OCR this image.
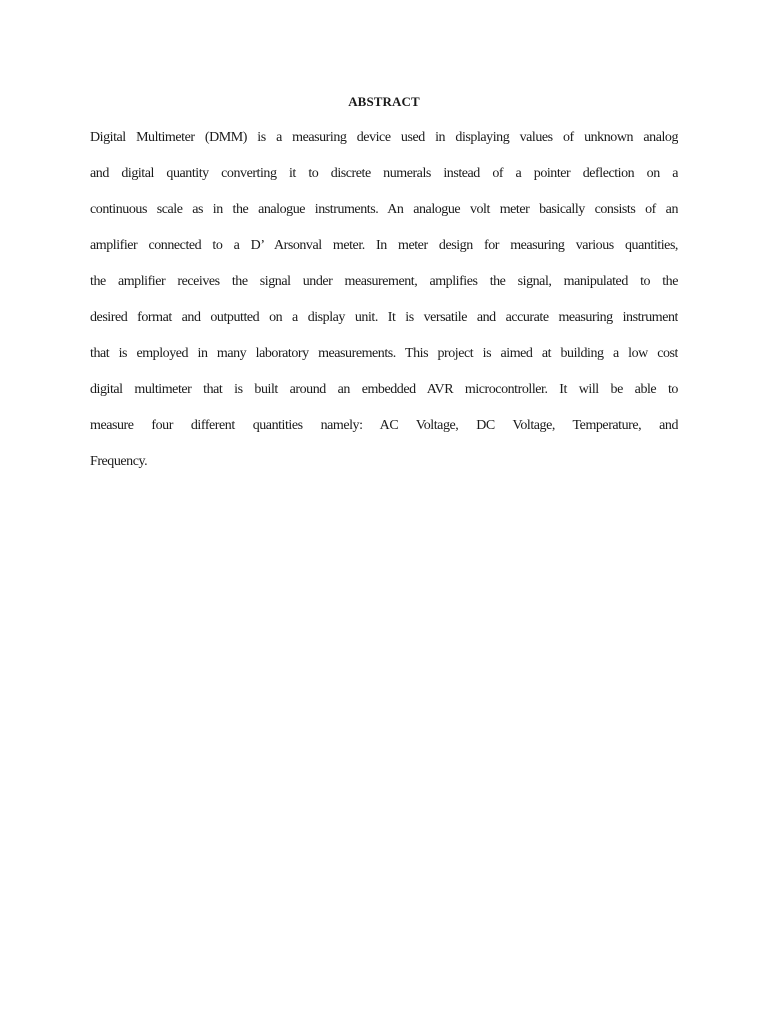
ABSTRACT
Digital Multimeter (DMM) is a measuring device used in displaying values of unknown analog
and digital quantity converting it to discrete numerals instead of a pointer deflection on a
continuous scale as in the analogue instruments. An analogue volt meter basically consists of an
amplifier connected to a D’ Arsonval meter. In meter design for measuring various quantities,
the amplifier receives the signal under measurement, amplifies the signal, manipulated to the
desired format and outputted on a display unit. It is versatile and accurate measuring instrument
that is employed in many laboratory measurements. This project is aimed at building a low cost
digital multimeter that is built around an embedded AVR microcontroller. It will be able to
measure four different quantities namely: AC Voltage, DC Voltage, Temperature, and
Frequency.
